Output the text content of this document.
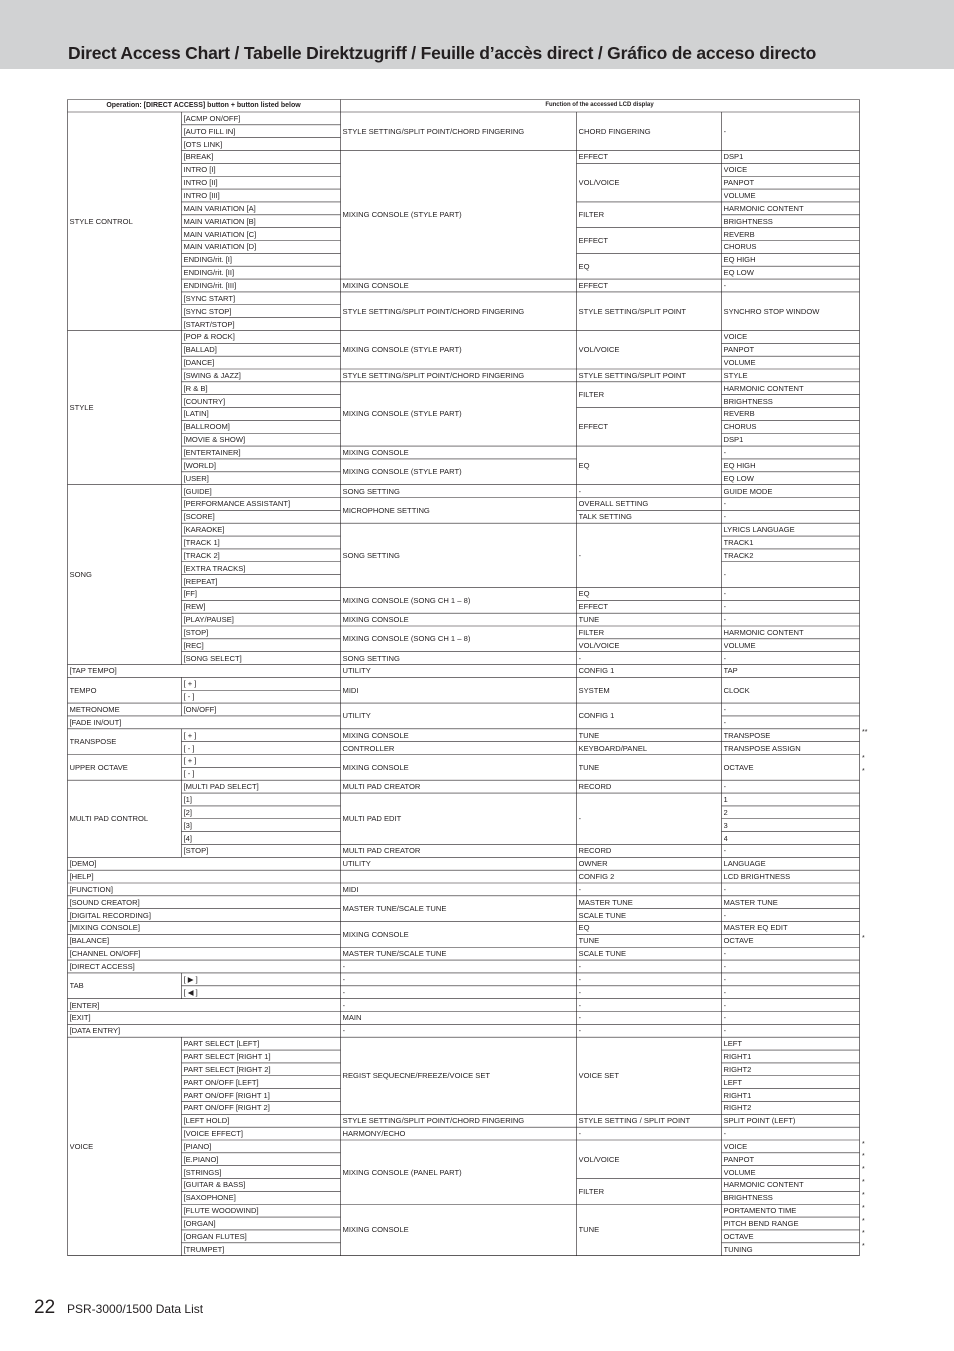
Direct Access Chart / Tabelle Direktzugriff / Feuille d’accès direct / Gráfico de acceso directo
Operation: [DIRECT ACCESS] button + button listed below	Function of the accessed LCD display
STYLE CONTROL
STYLE
SONG
[TAP TEMPO]
TEMPO
METRONOME
[FADE IN/OUT]
TRANSPOSE
UPPER OCTAVE
MULTI PAD CONTROL
[DEMO]
[HELP]
[FUNCTION]
[SOUND CREATOR]
[DIGITAL RECORDING]
[MIXING CONSOLE]
[BALANCE]
[CHANNEL ON/OFF]
[DIRECT ACCESS]
TAB
[ENTER]
[EXIT]
[DATA ENTRY]
VOICE
[ACMP ON/OFF]
[AUTO FILL IN]
[OTS LINK]
[BREAK]
INTRO [I]
INTRO [II]
INTRO [III]
MAIN VARIATION [A]
MAIN VARIATION [B]
MAIN VARIATION [C]
MAIN VARIATION [D]
ENDING/rit. [I]
ENDING/rit. [II]
ENDING/rit. [III]
[SYNC START]
[SYNC STOP]
[START/STOP]
[POP & ROCK]
[BALLAD]
[DANCE]
[SWING & JAZZ]
[R & B]
[COUNTRY]
[LATIN]
[BALLROOM]
[MOVIE & SHOW]
[ENTERTAINER]
[WORLD]
[USER]
[GUIDE]
[PERFORMANCE ASSISTANT]
[SCORE]
[KARAOKE]
[TRACK 1]
[TRACK 2]
[EXTRA TRACKS]
[REPEAT]
[FF]
[REW]
[PLAY/PAUSE]
[STOP]
[REC]
[SONG SELECT]
[ + ]
[ - ]
[ON/OFF]
[ + ]
[ - ]
[ + ]
[ - ]
[MULTI PAD SELECT]
[1]
[2]
[3]
[4]
[STOP]
[ ▶ ]
[ ◀ ]
PART SELECT [LEFT]
PART SELECT [RIGHT 1]
PART SELECT [RIGHT 2]
PART ON/OFF [LEFT]
PART ON/OFF [RIGHT 1]
PART ON/OFF [RIGHT 2]
[LEFT HOLD]
[VOICE EFFECT]
[PIANO]
[E.PIANO]
[STRINGS]
[GUITAR & BASS]
[SAXOPHONE]
[FLUTE WOODWIND]
[ORGAN]
[ORGAN FLUTES]
[TRUMPET]
STYLE SETTING/SPLIT POINT/CHORD FINGERING
MIXING CONSOLE (STYLE PART)
MIXING CONSOLE
STYLE SETTING/SPLIT POINT/CHORD FINGERING
MIXING CONSOLE (STYLE PART)
STYLE SETTING/SPLIT POINT/CHORD FINGERING
MIXING CONSOLE (STYLE PART)
MIXING CONSOLE
MIXING CONSOLE (STYLE PART)
SONG SETTING
MICROPHONE SETTING
SONG SETTING
MIXING CONSOLE (SONG CH 1 – 8)
MIXING CONSOLE
MIXING CONSOLE (SONG CH 1 – 8)
SONG SETTING
UTILITY
MIDI
UTILITY
MIXING CONSOLE
CONTROLLER
MIXING CONSOLE
MULTI PAD CREATOR
MULTI PAD EDIT
MULTI PAD CREATOR
UTILITY
MIDI
MASTER TUNE/SCALE TUNE
MIXING CONSOLE
MASTER TUNE/SCALE TUNE
-
-
-
-
MAIN
-
REGIST SEQUECNE/FREEZE/VOICE SET
STYLE SETTING/SPLIT POINT/CHORD FINGERING
HARMONY/ECHO
MIXING CONSOLE (PANEL PART)
MIXING CONSOLE
CHORD FINGERING
EFFECT
VOL/VOICE
FILTER
EFFECT
EQ
EFFECT
STYLE SETTING/SPLIT POINT
VOL/VOICE
STYLE SETTING/SPLIT POINT
FILTER
EFFECT
EQ
-
OVERALL SETTING
TALK SETTING
-
EQ
EFFECT
TUNE
FILTER
VOL/VOICE
-
CONFIG 1
SYSTEM
CONFIG 1
TUNE
KEYBOARD/PANEL
TUNE
RECORD
-
RECORD
OWNER
CONFIG 2
-
MASTER TUNE
SCALE TUNE
EQ
TUNE
SCALE TUNE
-
-
-
-
-
-
VOICE SET
STYLE SETTING / SPLIT POINT
-
VOL/VOICE
FILTER
TUNE
-
DSP1
VOICE
PANPOT
VOLUME
HARMONIC CONTENT
BRIGHTNESS
REVERB
CHORUS
EQ HIGH
EQ LOW
-
SYNCHRO STOP WINDOW
VOICE
PANPOT
VOLUME
STYLE
HARMONIC CONTENT
BRIGHTNESS
REVERB
CHORUS
DSP1
-
EQ HIGH
EQ LOW
GUIDE MODE
-
-
LYRICS LANGUAGE
TRACK1
TRACK2
-
-
-
-
HARMONIC CONTENT
VOLUME
-
TAP
CLOCK
-
-
TRANSPOSE
TRANSPOSE ASSIGN
OCTAVE
-
1
2
3
4
-
LANGUAGE
LCD BRIGHTNESS
-
MASTER TUNE
-
MASTER EQ EDIT
OCTAVE
-
-
-
-
-
-
-
LEFT
RIGHT1
RIGHT2
LEFT
RIGHT1
RIGHT2
SPLIT POINT (LEFT)
-
VOICE
PANPOT
VOLUME
HARMONIC CONTENT
BRIGHTNESS
PORTAMENTO TIME
PITCH BEND RANGE
OCTAVE
TUNING
**
*
*
*
*
*
*
*
*
*
*
*
*
22 PSR-3000/1500 Data List
